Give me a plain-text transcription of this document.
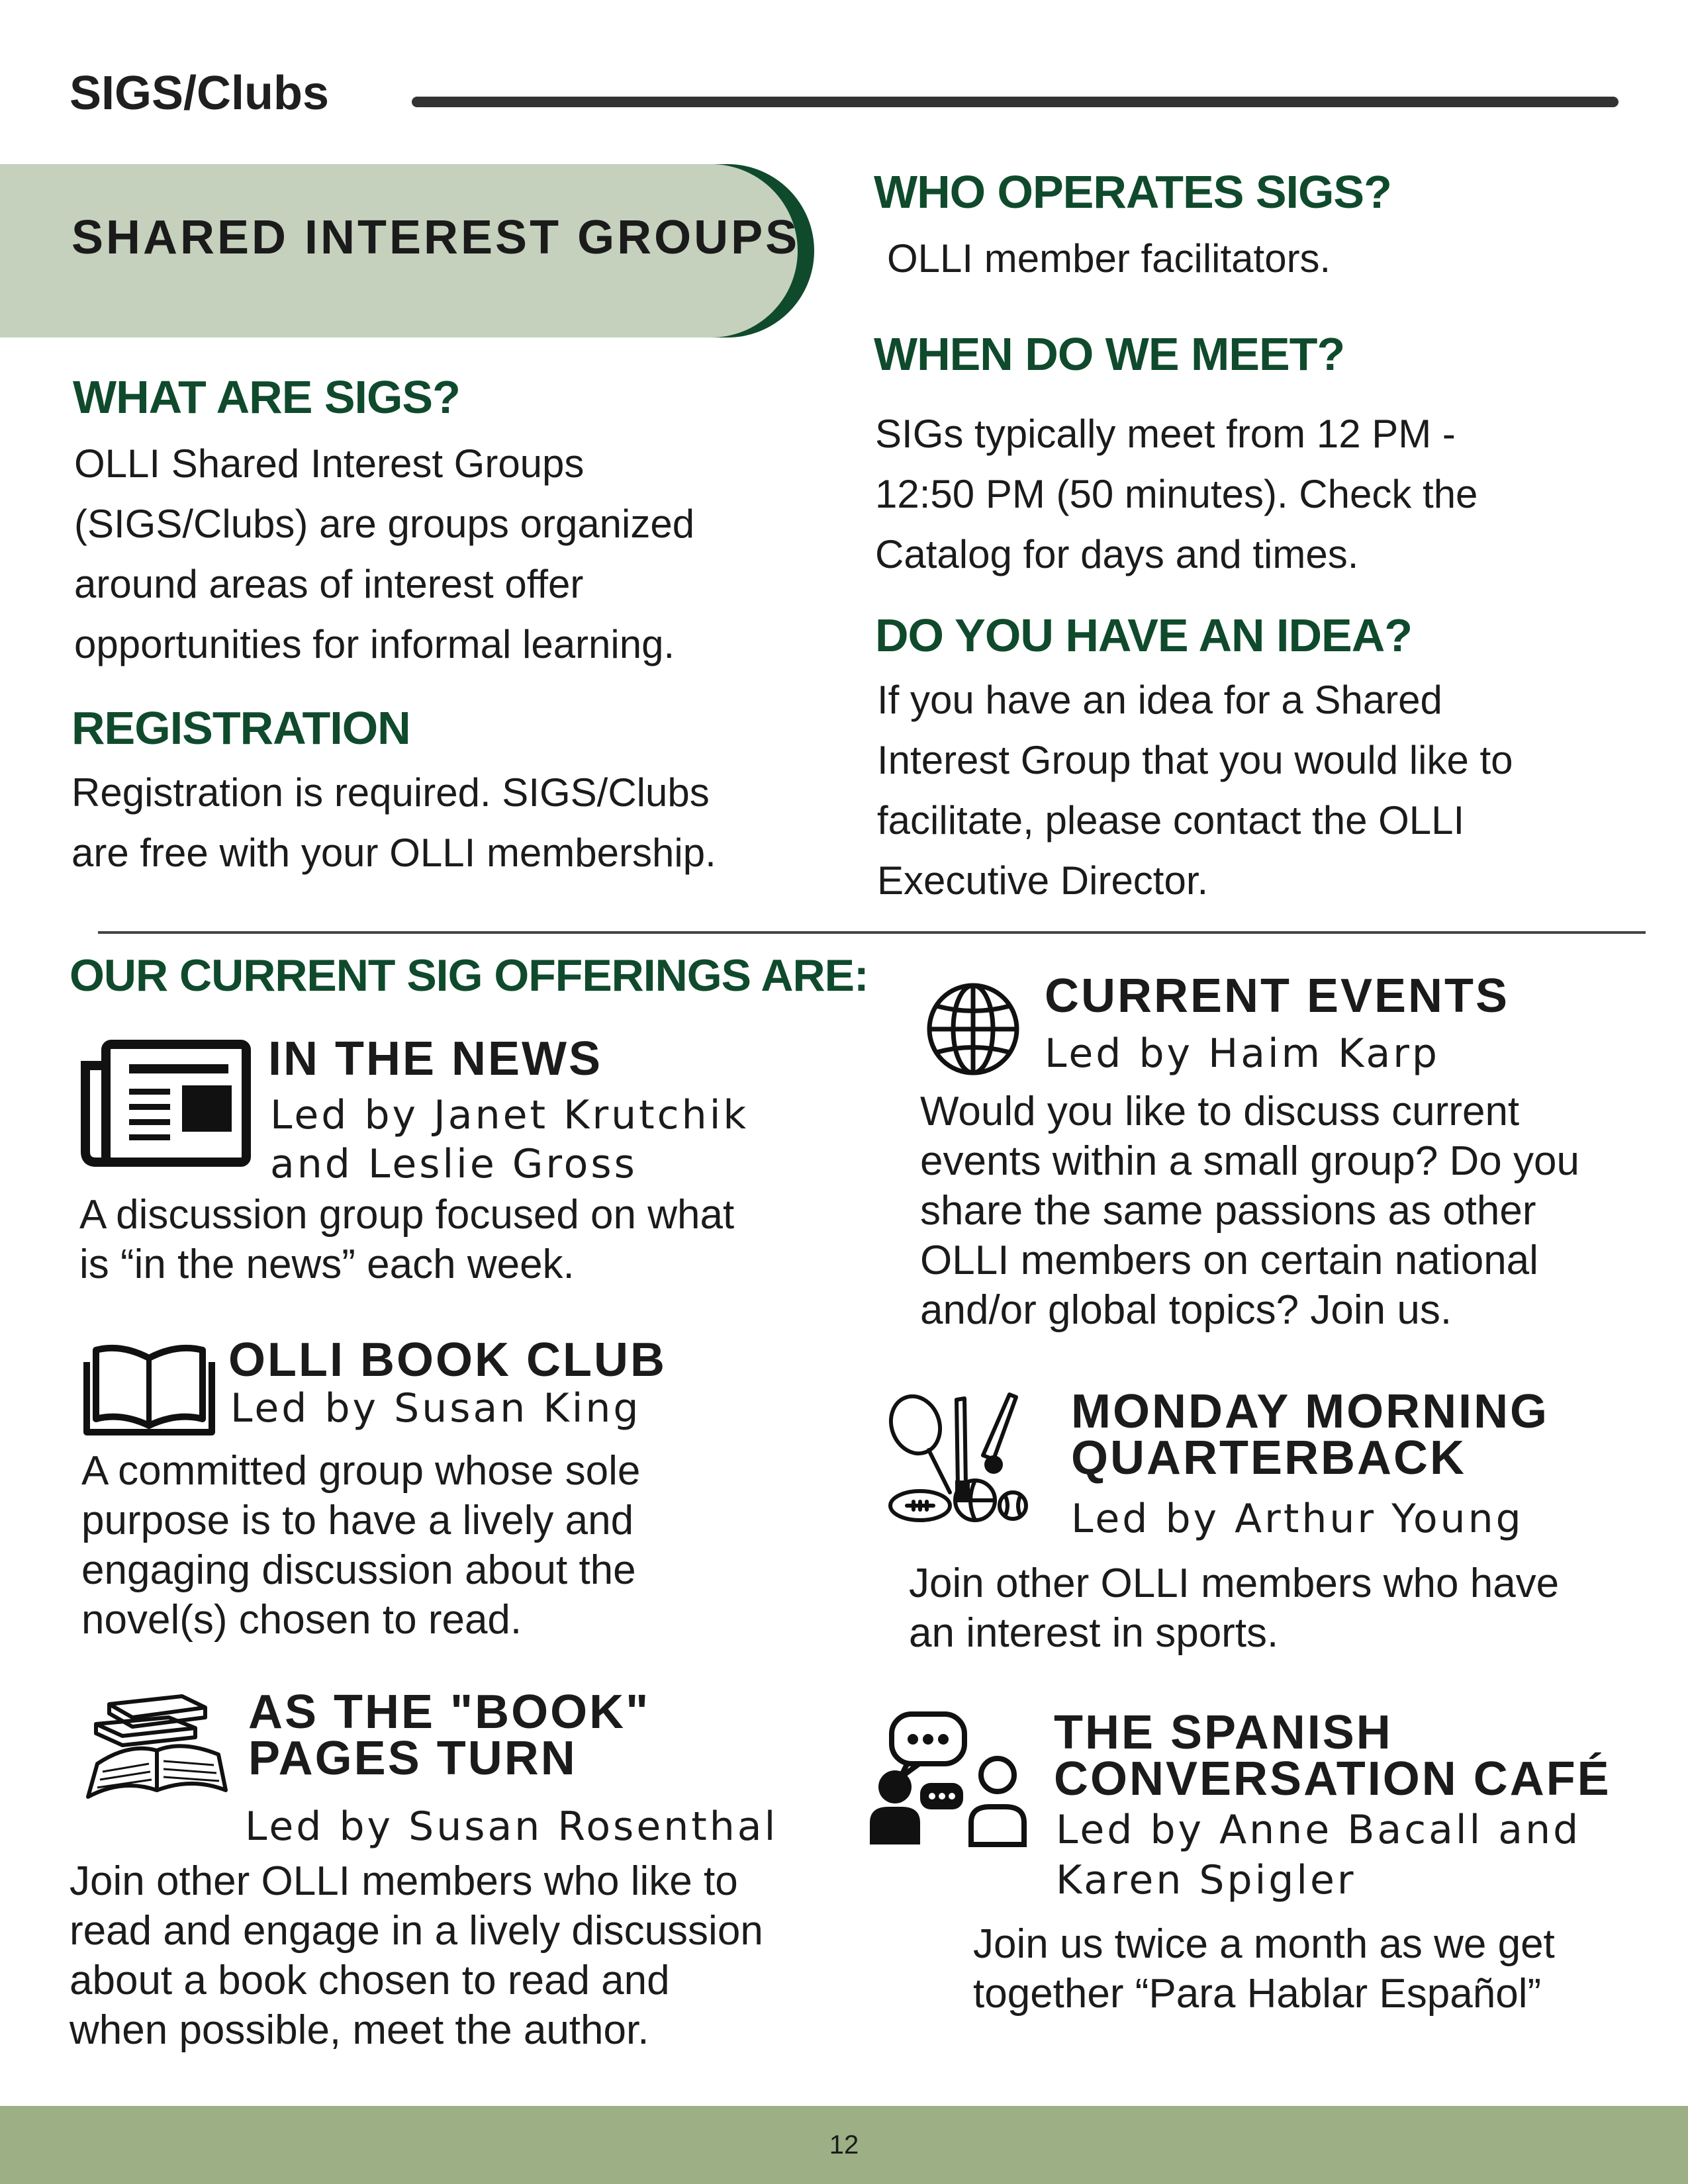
SIGS/Clubs
SHARED INTEREST GROUPS
WHAT ARE SIGS?
OLLI Shared Interest Groups
(SIGS/Clubs) are groups organized
around areas of interest offer
opportunities for informal learning.
REGISTRATION
Registration is required. SIGS/Clubs
are free with your OLLI membership.
WHO OPERATES SIGS?
OLLI member facilitators.
WHEN DO WE MEET?
SIGs typically meet from 12 PM -
12:50 PM (50 minutes). Check the
Catalog for days and times.
DO YOU HAVE AN IDEA?
If you have an idea for a Shared
Interest Group that you would like to
facilitate, please contact the OLLI
Executive Director.
OUR CURRENT SIG OFFERINGS ARE:
IN THE NEWS
Led by Janet Krutchik
and Leslie Gross
A discussion group focused on what
is “in the news” each week.
OLLI BOOK CLUB
Led by Susan King
A committed group whose sole
purpose is to have a lively and
engaging discussion about the
novel(s) chosen to read.
AS THE "BOOK"
PAGES TURN
Led by Susan Rosenthal
Join other OLLI members who like to
read and engage in a lively discussion
about a book chosen to read and
when possible, meet the author.
CURRENT EVENTS
Led by Haim Karp
Would you like to discuss current
events within a small group? Do you
share the same passions as other
OLLI members on certain national
and/or global topics? Join us.
MONDAY MORNING
QUARTERBACK
Led by Arthur Young
Join other OLLI members who have
an interest in sports.
THE SPANISH
CONVERSATION CAFÉ
Led by Anne Bacall and
Karen Spigler
Join us twice a month as we get
together “Para Hablar Español”
12
